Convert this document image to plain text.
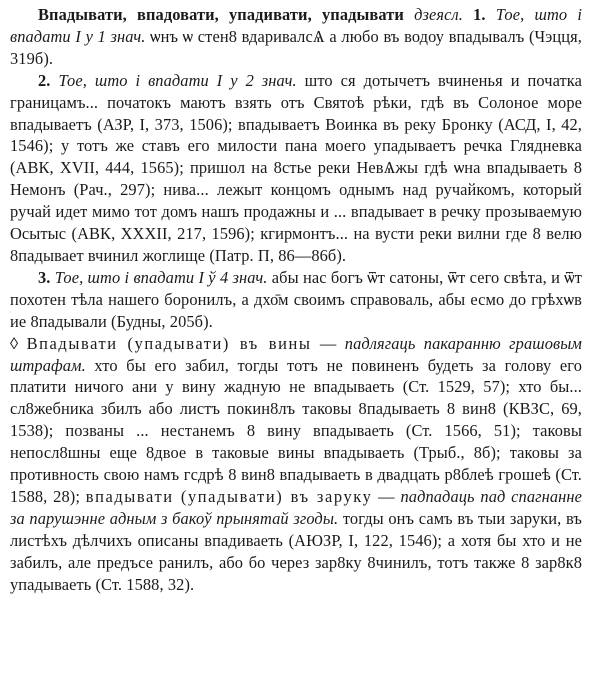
Впадывати, впадовати, упадивати, упадывати дзеясл. 1. Тое, што і впадати І у 1 знач. ѡнъ ѡ стен8 вдаривалсѦ а любо въ водоу впадывалъ (Чэцця, 319б).

2. Тое, што і впадати І у 2 знач. што ся дотычетъ вчиненья и початка границамъ... початокъ маютъ взять отъ Святоѣ рѣки, гдѣ въ Солоное море впадываетъ (АЗР, I, 373, 1506); впадываетъ Воинка въ реку Бронку (АСД, I, 42, 1546); у тотъ же ставъ его милости пана моего упадываетъ речка Глядневка (АВК, XVII, 444, 1565); пришол на 8стье реки НевѦжы гдѣ ѡна впадываеть 8 Немонъ (Рач., 297); нива... лежыт концомъ однымъ над ручайкомъ, который ручай идет мимо тот домъ нашъ продажны и ... впадывает в речку прозываемую Осытыс (АВК, XXXII, 217, 1596); кгирмонтъ... на вусти реки вилни где 8 велю 8падывает вчинил жоглище (Патр. П, 86—86б).

3. Тое, што і впадати І ў 4 знач. абы нас богъ ѿт сатоны, ѿт сего свѣта, и ѿт похотен тѣла нашего боронилъ, а дхо̄м своимъ справоваль, абы есмо до грѣхѡв ие 8падывали (Будны, 205б).

◊ Впадывати (упадывати) въ вины — падлягаць пакаранню грашовым штрафам. хто бы его забил, тогды тотъ не повиненъ будеть за голову его платити ничого ани у вину жадную не впадываеть (Ст. 1529, 57); хто бы... сл8жебника збилъ або листъ покин8лъ таковы 8падываеть 8 вин8 (КВЗС, 69, 1538); позваны ... нестанемъ 8 вину впадываеть (Ст. 1566, 51); таковы непосл8шны еще 8двое в таковые вины впадываеть (Трыб., 8б); таковы за противность свою намъ гсдрѣ 8 вин8 впадываеть в двадцать р8блеѣ грошеѣ (Ст. 1588, 28); впадывати (упадывати) въ заруку — падпадаць пад спагнанне за парушэнне адным з бакоў прынятай згоды. тогды онъ самъ въ тыи заруки, въ листѣхъ дѣлчихъ описаны впадиваеть (АЮЗР, I, 122, 1546); а хотя бы хто и не забилъ, але предъсе ранилъ, або бо через зар8ку 8чинилъ, тотъ также 8 зар8к8 упадываеть (Ст. 1588, 32).
